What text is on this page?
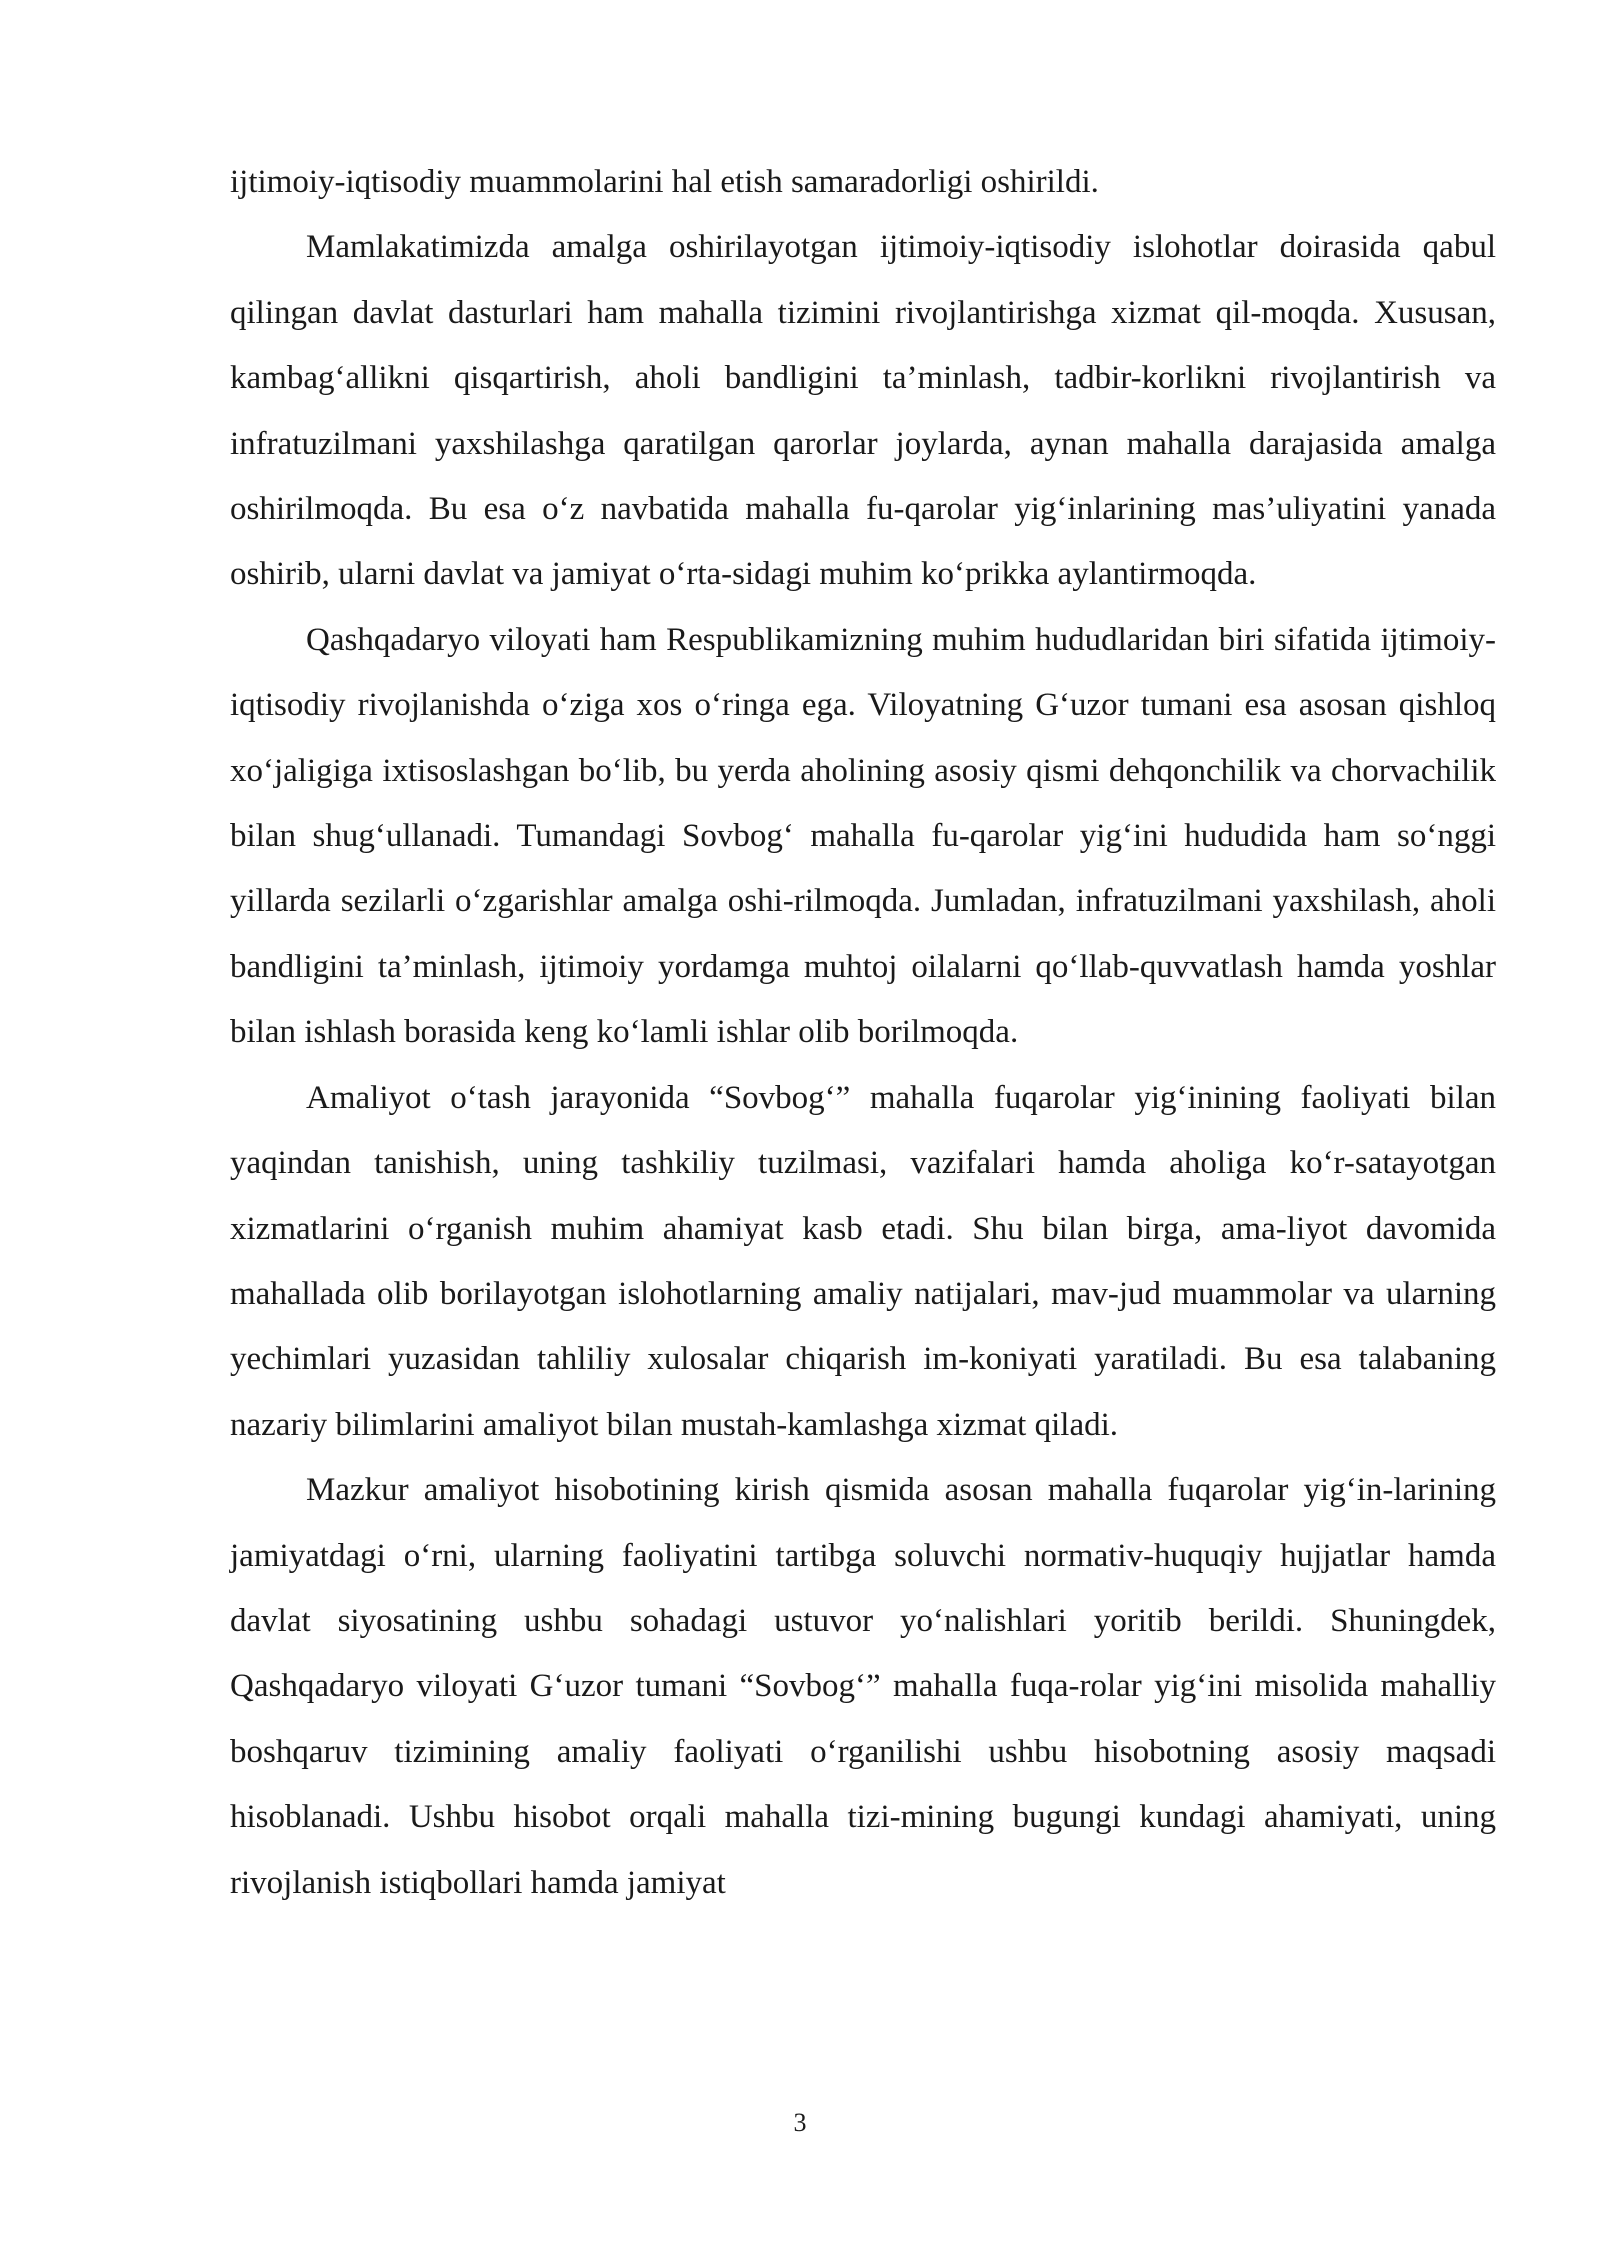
ijtimoiy-iqtisodiy muammolarini hal etish samaradorligi oshirildi.

Mamlakatimizda amalga oshirilayotgan ijtimoiy-iqtisodiy islohotlar doirasida qabul qilingan davlat dasturlari ham mahalla tizimini rivojlantirishga xizmat qil-moqda. Xususan, kambag‘allikni qisqartirish, aholi bandligini ta’minlash, tadbir-korlikni rivojlantirish va infratuzilmani yaxshilashga qaratilgan qarorlar joylarda, aynan mahalla darajasida amalga oshirilmoqda. Bu esa o‘z navbatida mahalla fu-qarolar yig‘inlarining mas’uliyatini yanada oshirib, ularni davlat va jamiyat o‘rta-sidagi muhim ko‘prikka aylantirmoqda.

Qashqadaryo viloyati ham Respublikamizning muhim hududlaridan biri sifatida ijtimoiy-iqtisodiy rivojlanishda o‘ziga xos o‘ringa ega. Viloyatning G‘uzor tumani esa asosan qishloq xo‘jaligiga ixtisoslashgan bo‘lib, bu yerda aholining asosiy qismi dehqonchilik va chorvachilik bilan shug‘ullanadi. Tumandagi Sovbog‘ mahalla fu-qarolar yig‘ini hududida ham so‘nggi yillarda sezilarli o‘zgarishlar amalga oshi-rilmoqda. Jumladan, infratuzilmani yaxshilash, aholi bandligini ta’minlash, ijtimoiy yordamga muhtoj oilalarni qo‘llab-quvvatlash hamda yoshlar bilan ishlash borasida keng ko‘lamli ishlar olib borilmoqda.

Amaliyot o‘tash jarayonida “Sovbog‘” mahalla fuqarolar yig‘inining faoliyati bilan yaqindan tanishish, uning tashkiliy tuzilmasi, vazifalari hamda aholiga ko‘r-satayotgan xizmatlarini o‘rganish muhim ahamiyat kasb etadi. Shu bilan birga, ama-liyot davomida mahallada olib borilayotgan islohotlarning amaliy natijalari, mav-jud muammolar va ularning yechimlari yuzasidan tahliliy xulosalar chiqarish im-koniyati yaratiladi. Bu esa talabaning nazariy bilimlarini amaliyot bilan mustah-kamlashga xizmat qiladi.

Mazkur amaliyot hisobotining kirish qismida asosan mahalla fuqarolar yig‘in-larining jamiyatdagi o‘rni, ularning faoliyatini tartibga soluvchi normativ-huquqiy hujjatlar hamda davlat siyosatining ushbu sohadagi ustuvor yo‘nalishlari yoritib berildi. Shuningdek, Qashqadaryo viloyati G‘uzor tumani “Sovbog‘” mahalla fuqa-rolar yig‘ini misolida mahalliy boshqaruv tizimining amaliy faoliyati o‘rganilishi ushbu hisobotning asosiy maqsadi hisoblanadi. Ushbu hisobot orqali mahalla tizi-mining bugungi kundagi ahamiyati, uning rivojlanish istiqbollari hamda jamiyat

3
